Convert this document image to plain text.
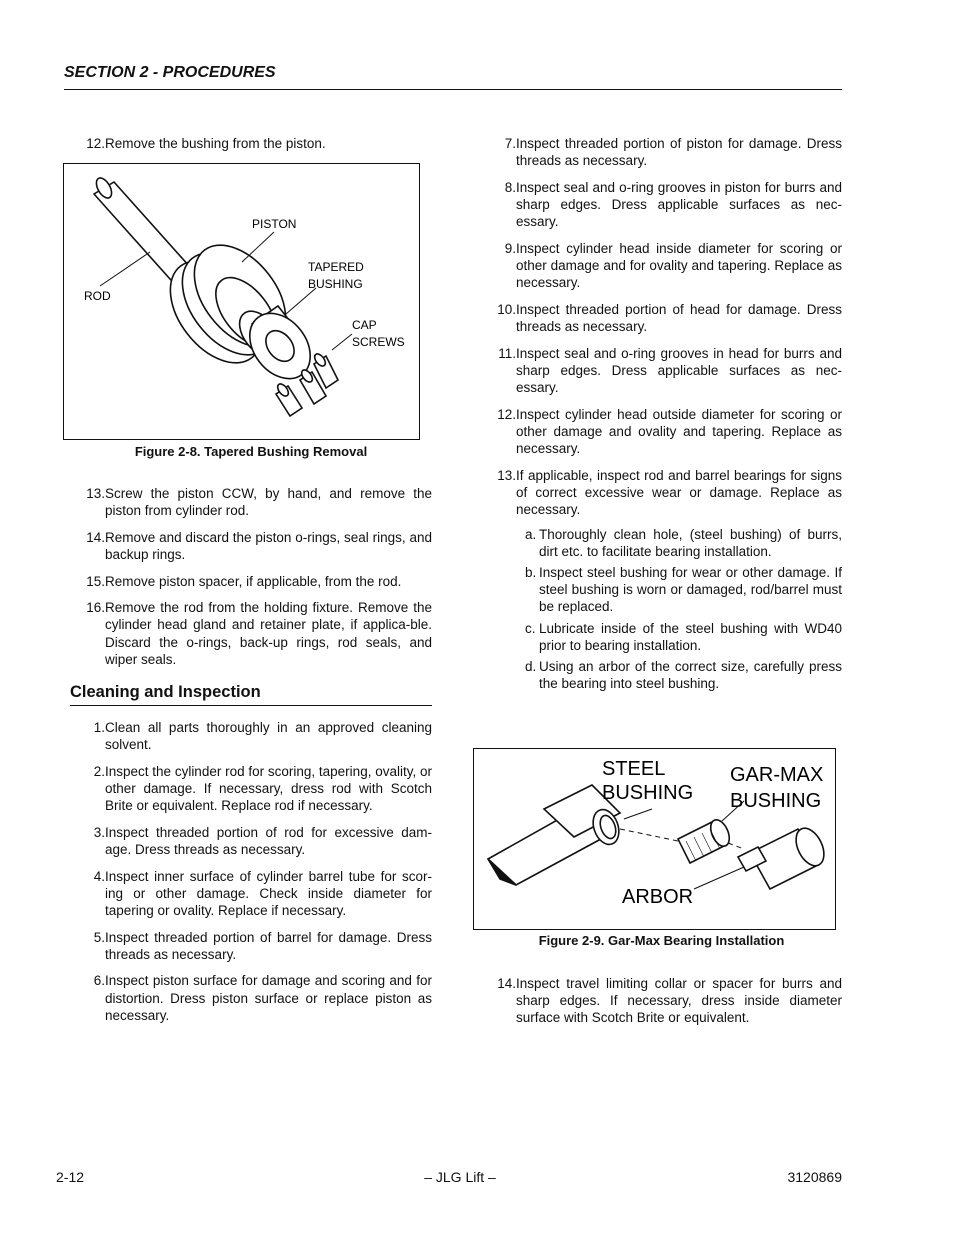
SECTION 2 - PROCEDURES
12. Remove the bushing from the piston.
PISTON
ROD
TAPERED
BUSHING
CAP
SCREWS
Figure 2-8. Tapered Bushing Removal
13. Screw the piston CCW, by hand, and remove the piston from cylinder rod.
14. Remove and discard the piston o-rings, seal rings, and backup rings.
15. Remove piston spacer, if applicable, from the rod.
16. Remove the rod from the holding fixture. Remove the cylinder head gland and retainer plate, if applica-ble. Discard the o-rings, back-up rings, rod seals, and wiper seals.
Cleaning and Inspection
1. Clean all parts thoroughly in an approved cleaning solvent.
2. Inspect the cylinder rod for scoring, tapering, ovality, or other damage. If necessary, dress rod with Scotch Brite or equivalent. Replace rod if necessary.
3. Inspect threaded portion of rod for excessive dam-age. Dress threads as necessary.
4. Inspect inner surface of cylinder barrel tube for scor-ing or other damage. Check inside diameter for tapering or ovality. Replace if necessary.
5. Inspect threaded portion of barrel for damage. Dress threads as necessary.
6. Inspect piston surface for damage and scoring and for distortion. Dress piston surface or replace piston as necessary.
7. Inspect threaded portion of piston for damage. Dress threads as necessary.
8. Inspect seal and o-ring grooves in piston for burrs and sharp edges. Dress applicable surfaces as nec-essary.
9. Inspect cylinder head inside diameter for scoring or other damage and for ovality and tapering. Replace as necessary.
10. Inspect threaded portion of head for damage. Dress threads as necessary.
11. Inspect seal and o-ring grooves in head for burrs and sharp edges. Dress applicable surfaces as nec-essary.
12. Inspect cylinder head outside diameter for scoring or other damage and ovality and tapering. Replace as necessary.
13. If applicable, inspect rod and barrel bearings for signs of correct excessive wear or damage. Replace as necessary.
a. Thoroughly clean hole, (steel bushing) of burrs, dirt etc. to facilitate bearing installation.
b. Inspect steel bushing for wear or other damage. If steel bushing is worn or damaged, rod/barrel must be replaced.
c. Lubricate inside of the steel bushing with WD40 prior to bearing installation.
d. Using an arbor of the correct size, carefully press the bearing into steel bushing.
STEEL
BUSHING
GAR-MAX
BUSHING
ARBOR
Figure 2-9. Gar-Max Bearing Installation
14. Inspect travel limiting collar or spacer for burrs and sharp edges. If necessary, dress inside diameter surface with Scotch Brite or equivalent.
2-12	– JLG Lift –	3120869
